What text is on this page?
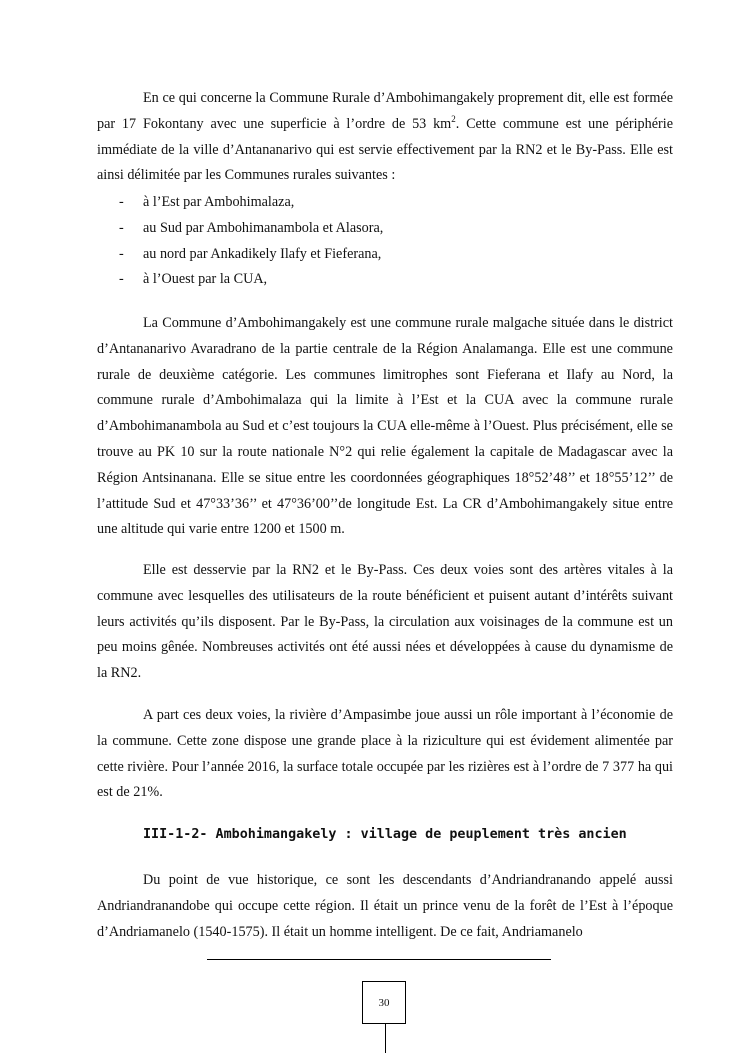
En ce qui concerne la Commune Rurale d’Ambohimangakely proprement dit, elle est formée par 17 Fokontany avec une superficie à l’ordre de 53 $km^2$. Cette commune est une périphérie immédiate de la ville d’Antananarivo qui est servie effectivement par la RN2 et le By-Pass. Elle est ainsi délimitée par les Communes rurales suivantes :

- à l’Est par Ambohimalaza,
- au Sud par Ambohimanambola et Alasora,
- au nord par Ankadikely Ilafy et Fieferana,
- à l’Ouest par la CUA,

La Commune d’Ambohimangakely est une commune rurale malgache située dans le district d’Antananarivo Avaradrano de la partie centrale de la Région Analamanga. Elle est une commune rurale de deuxième catégorie. Les communes limitrophes sont Fieferana et Ilafy au Nord, la commune rurale d’Ambohimalaza qui la limite à l’Est et la CUA avec la commune rurale d’Ambohimanambola au Sud et c’est toujours la CUA elle-même à l’Ouest. Plus précisément, elle se trouve au PK 10 sur la route nationale N°2 qui relie également la capitale de Madagascar avec la Région Antsinanana. Elle se situe entre les coordonnées géographiques 18°52’48’’ et 18°55’12’’ de l’attitude Sud et 47°33’36’’ et 47°36’00’’de longitude Est. La CR d’Ambohimangakely situe entre une altitude qui varie entre 1200 et 1500 m.

Elle est desservie par la RN2 et le By-Pass. Ces deux voies sont des artères vitales à la commune avec lesquelles des utilisateurs de la route bénéficient et puisent autant d’intérêts suivant leurs activités qu’ils disposent. Par le By-Pass, la circulation aux voisinages de la commune est un peu moins gênée. Nombreuses activités ont été aussi nées et développées à cause du dynamisme de la RN2.

A part ces deux voies, la rivière d’Ampasimbe joue aussi un rôle important à l’économie de la commune. Cette zone dispose une grande place à la riziculture qui est évidement alimentée par cette rivière. Pour l’année 2016, la surface totale occupée par les rizières est à l’ordre de 7 377 ha qui est de 21%.

III-1-2- Ambohimangakely : village de peuplement très ancien

Du point de vue historique, ce sont les descendants d’Andriandranando appelé aussi Andriandranandobe qui occupe cette région. Il était un prince venu de la forêt de l’Est à l’époque d’Andriamanelo (1540-1575). Il était un homme intelligent. De ce fait, Andriamanelo

30
